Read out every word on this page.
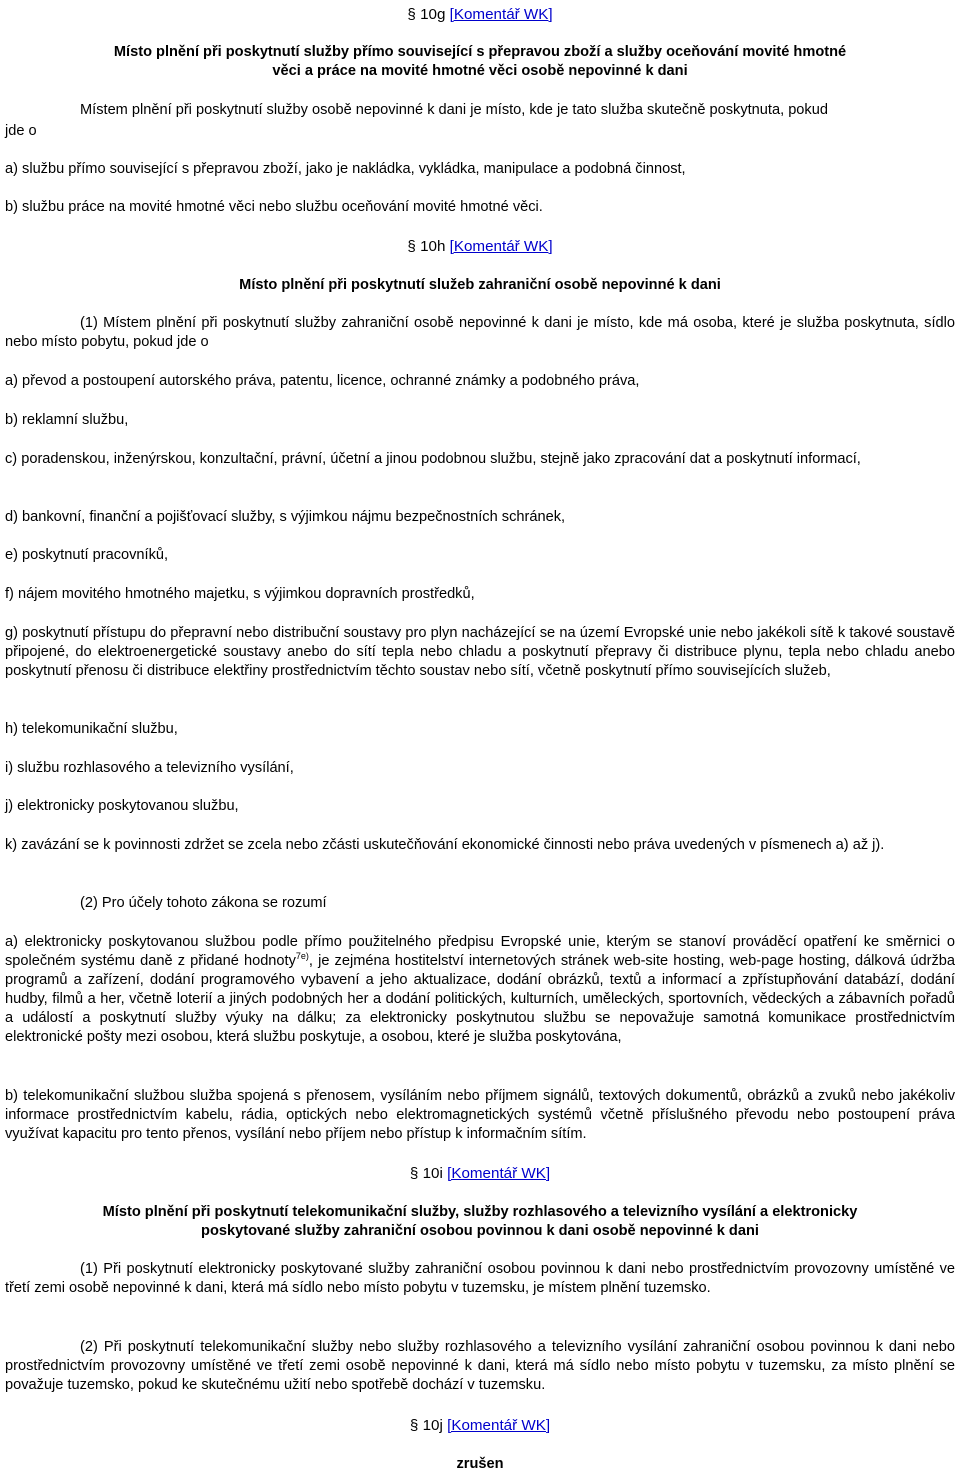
§ 10g [Komentář WK]
Místo plnění při poskytnutí služby přímo související s přepravou zboží a služby oceňování movité hmotné
věci a práce na movité hmotné věci osobě nepovinné k dani
Místem plnění při poskytnutí služby osobě nepovinné k dani je místo, kde je tato služba skutečně poskytnuta, pokud
jde o
a) službu přímo související s přepravou zboží, jako je nakládka, vykládka, manipulace a podobná činnost,
b) službu práce na movité hmotné věci nebo službu oceňování movité hmotné věci.
§ 10h [Komentář WK]
Místo plnění při poskytnutí služeb zahraniční osobě nepovinné k dani
(1) Místem plnění při poskytnutí služby zahraniční osobě nepovinné k dani je místo, kde má osoba, které je služba poskytnuta, sídlo nebo místo pobytu, pokud jde o
a) převod a postoupení autorského práva, patentu, licence, ochranné známky a podobného práva,
b) reklamní službu,
c) poradenskou, inženýrskou, konzultační, právní, účetní a jinou podobnou službu, stejně jako zpracování dat a poskytnutí informací,
d) bankovní, finanční a pojišťovací služby, s výjimkou nájmu bezpečnostních schránek,
e) poskytnutí pracovníků,
f) nájem movitého hmotného majetku, s výjimkou dopravních prostředků,
g) poskytnutí přístupu do přepravní nebo distribuční soustavy pro plyn nacházející se na území Evropské unie nebo jakékoli sítě k takové soustavě připojené, do elektroenergetické soustavy anebo do sítí tepla nebo chladu a poskytnutí přepravy či distribuce plynu, tepla nebo chladu anebo poskytnutí přenosu či distribuce elektřiny prostřednictvím těchto soustav nebo sítí, včetně poskytnutí přímo souvisejících služeb,
h) telekomunikační službu,
i) službu rozhlasového a televizního vysílání,
j) elektronicky poskytovanou službu,
k) zavázání se k povinnosti zdržet se zcela nebo zčásti uskutečňování ekonomické činnosti nebo práva uvedených v písmenech a) až j).
(2) Pro účely tohoto zákona se rozumí
a) elektronicky poskytovanou službou podle přímo použitelného předpisu Evropské unie, kterým se stanoví prováděcí opatření ke směrnici o společném systému daně z přidané hodnoty$^{7e)}$, je zejména hostitelství internetových stránek web-site hosting, web-page hosting, dálková údržba programů a zařízení, dodání programového vybavení a jeho aktualizace, dodání obrázků, textů a informací a zpřístupňování databází, dodání hudby, filmů a her, včetně loterií a jiných podobných her a dodání politických, kulturních, uměleckých, sportovních, vědeckých a zábavních pořadů a událostí a poskytnutí služby výuky na dálku; za elektronicky poskytnutou službu se nepovažuje samotná komunikace prostřednictvím elektronické pošty mezi osobou, která službu poskytuje, a osobou, které je služba poskytována,
b) telekomunikační službou služba spojená s přenosem, vysíláním nebo příjmem signálů, textových dokumentů, obrázků a zvuků nebo jakékoliv informace prostřednictvím kabelu, rádia, optických nebo elektromagnetických systémů včetně příslušného převodu nebo postoupení práva využívat kapacitu pro tento přenos, vysílání nebo příjem nebo přístup k informačním sítím.
§ 10i [Komentář WK]
Místo plnění při poskytnutí telekomunikační služby, služby rozhlasového a televizního vysílání a elektronicky
poskytované služby zahraniční osobou povinnou k dani osobě nepovinné k dani
(1) Při poskytnutí elektronicky poskytované služby zahraniční osobou povinnou k dani nebo prostřednictvím provozovny umístěné ve třetí zemi osobě nepovinné k dani, která má sídlo nebo místo pobytu v tuzemsku, je místem plnění tuzemsko.
(2) Při poskytnutí telekomunikační služby nebo služby rozhlasového a televizního vysílání zahraniční osobou povinnou k dani nebo prostřednictvím provozovny umístěné ve třetí zemi osobě nepovinné k dani, která má sídlo nebo místo pobytu v tuzemsku, za místo plnění se považuje tuzemsko, pokud ke skutečnému užití nebo spotřebě dochází v tuzemsku.
§ 10j [Komentář WK]
zrušen
